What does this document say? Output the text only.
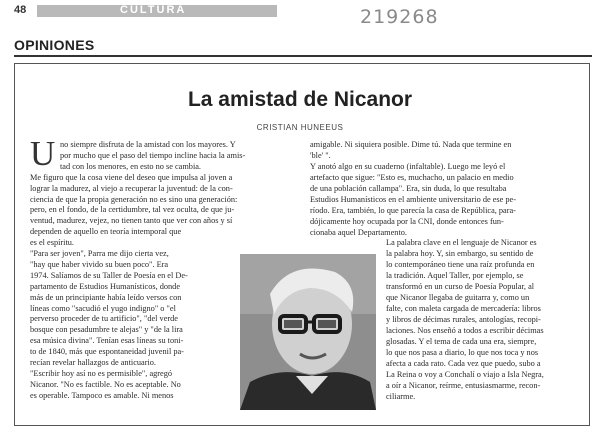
48	CULTURA	219268
OPINIONES
La amistad de Nicanor
CRISTIAN HUNEEUS
U no siempre disfruta de la amistad con los mayores. Y
por mucho que el paso del tiempo incline hacia la amis-
tad con los menores, en esto no se cambia.
Me figuro que la cosa viene del deseo que impulsa al joven a
lograr la madurez, al viejo a recuperar la juventud: de la con-
ciencia de que la propia generación no es sino una generación:
pero, en el fondo, de la certidumbre, tal vez oculta, de que ju-
ventud, madurez, vejez, no tienen tanto que ver con años y sí
dependen de aquello en teoría intemporal que
es el espíritu.
"Para ser joven", Parra me dijo cierta vez,
"hay que haber vivido su buen poco". Era
1974. Salíamos de su Taller de Poesía en el De-
partamento de Estudios Humanísticos, donde
más de un principiante había leído versos con
líneas como "sacudió el yugo indigno" o "el
perverso proceder de tu artificio", "del verde
bosque con pesadumbre te alejas" y "de la lira
esa música divina". Tenían esas líneas su toni-
to de 1840, más que espontaneidad juvenil pa-
recían revelar hallazgos de anticuario.
"Escribir hoy así no es permisible", agregó
Nicanor. "No es factible. No es aceptable. No
es operable. Tampoco es amable. Ni menos
amigable. Ni siquiera posible. Dime tú. Nada que termine en
'ble' ".
Y anotó algo en su cuaderno (infaltable). Luego me leyó el
artefacto que sigue: "Esto es, muchacho, un palacio en medio
de una población callampa". Era, sin duda, lo que resultaba
Estudios Humanísticos en el ambiente universitario de ese pe-
ríodo. Era, también, lo que parecía la casa de República, para-
dójicamente hoy ocupada por la CNI, donde entonces fun-
cionaba aquel Departamento.
La palabra clave en el lenguaje de Nicanor es
la palabra hoy. Y, sin embargo, su sentido de
lo contemporáneo tiene una raíz profunda en
la tradición. Aquel Taller, por ejemplo, se
transformó en un curso de Poesía Popular, al
que Nicanor llegaba de guitarra y, como un
falte, con maleta cargada de mercadería: libros
y libros de décimas rurales, antologías, recopi-
laciones. Nos enseñó a todos a escribir décimas
glosadas. Y el tema de cada una era, siempre,
lo que nos pasa a diario, lo que nos toca y nos
afecta a cada rato. Cada vez que puedo, subo a
La Reina o voy a Conchalí o viajo a Isla Negra,
a oír a Nicanor, reírme, entusiasmarme, recon-
ciliarme.
